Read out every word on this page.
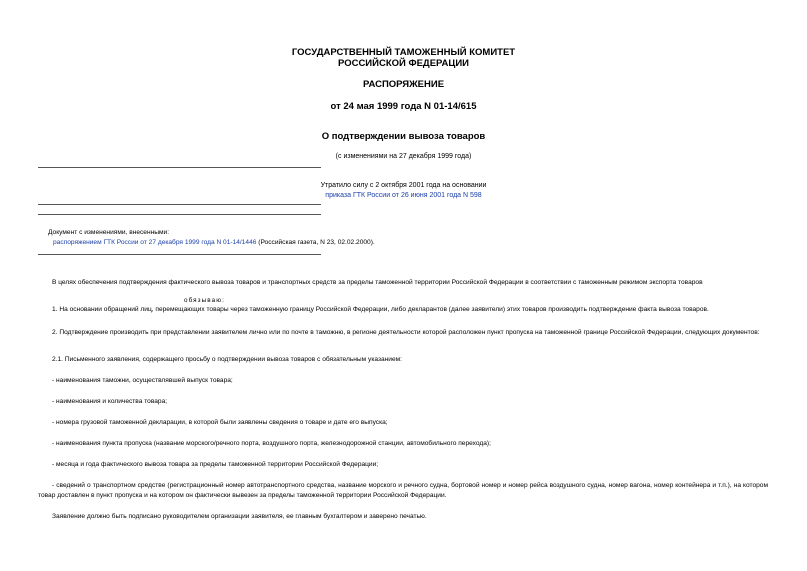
ГОСУДАРСТВЕННЫЙ ТАМОЖЕННЫЙ КОМИТЕТ
РОССИЙСКОЙ ФЕДЕРАЦИИ
РАСПОРЯЖЕНИЕ
от 24 мая 1999 года N 01-14/615
О подтверждении вывоза товаров
(с изменениями на 27 декабря 1999 года)
Утратило силу с 2 октября 2001 года на основании
приказа ГТК России от 26 июня 2001 года N 598
Документ с изменениями, внесенными:
распоряжением ГТК России от 27 декабря 1999 года N 01-14/1446 (Российская газета, N 23, 02.02.2000).
В целях обеспечения подтверждения фактического вывоза товаров и транспортных средств за пределы таможенной территории Российской Федерации в соответствии с таможенным режимом экспорта товаров
обязываю:
1. На основании обращений лиц, перемещающих товары через таможенную границу Российской Федерации, либо декларантов (далее заявители) этих товаров производить подтверждение факта вывоза товаров.
2. Подтверждение производить при представлении заявителем лично или по почте в таможню, в регионе деятельности которой расположен пункт пропуска на таможенной границе Российской Федерации, следующих документов:
2.1. Письменного заявления, содержащего просьбу о подтверждении вывоза товаров с обязательным указанием:
- наименования таможни, осуществлявшей выпуск товара;
- наименования и количества товара;
- номера грузовой таможенной декларации, в которой были заявлены сведения о товаре и дате его выпуска;
- наименования пункта пропуска (название морского/речного порта, воздушного порта, железнодорожной станции, автомобильного перехода);
- месяца и года фактического вывоза товара за пределы таможенной территории Российской Федерации;
- сведений о транспортном средстве (регистрационный номер автотранспортного средства, название морского и речного судна, бортовой номер и номер рейса воздушного судна, номер вагона, номер контейнера и т.п.), на котором товар доставлен в пункт пропуска и на котором он фактически вывезен за пределы таможенной территории Российской Федерации.
Заявление должно быть подписано руководителем организации заявителя, ее главным бухгалтером и заверено печатью.
